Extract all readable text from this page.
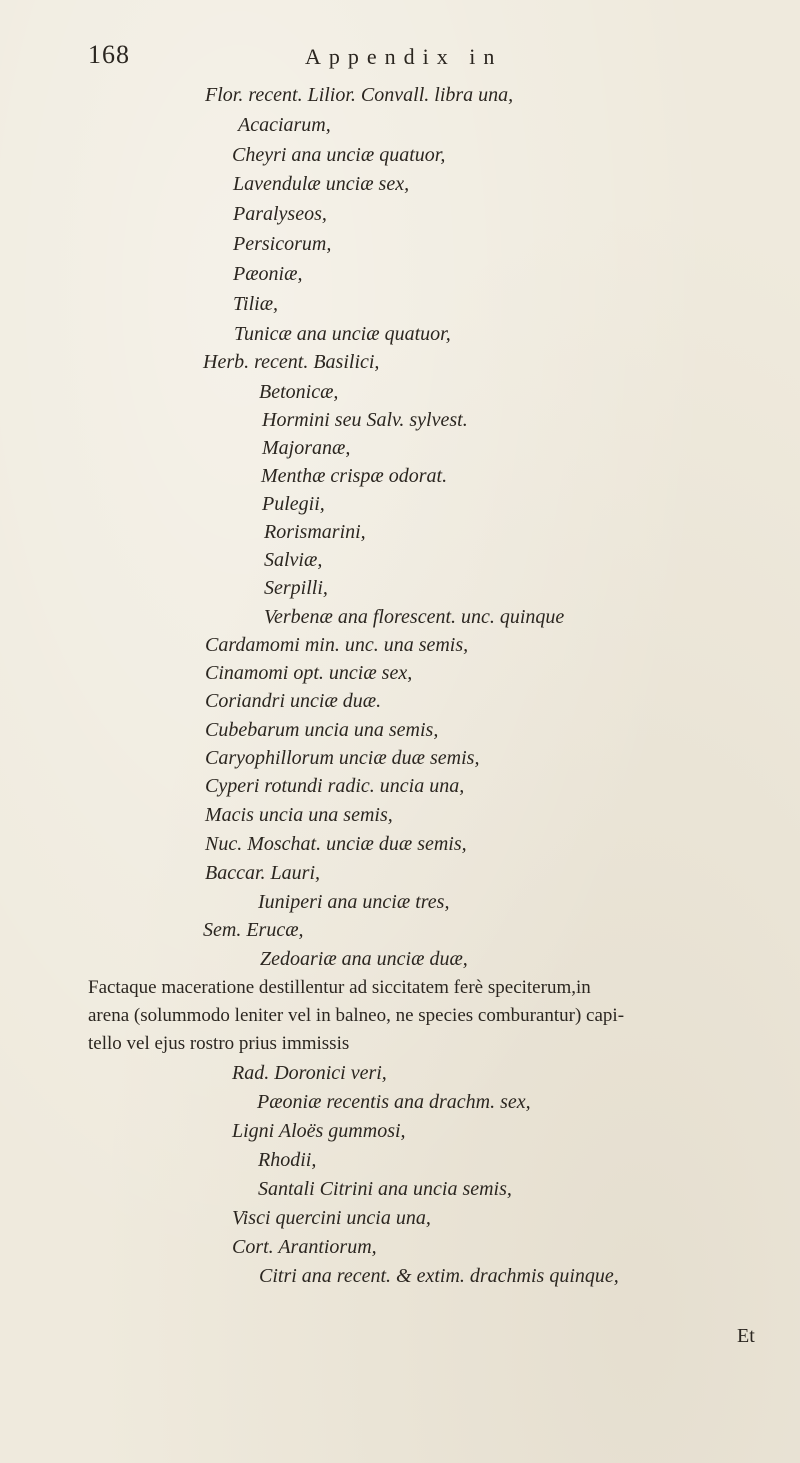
168	Appendix in
Flor. recent. Lilior. Convall. libra una,
Acaciarum,
Cheyri ana unciæ quatuor,
Lavendulæ unciæ sex,
Paralyseos,
Persicorum,
Pæoniæ,
Tiliæ,
Tunicæ ana unciæ quatuor,
Herb. recent. Basilici,
Betonicæ,
Hormini seu Salv. sylvest.
Majoranæ,
Menthæ crispæ odorat.
Pulegii,
Rorismarini,
Salviæ,
Serpilli,
Verbenæ ana florescent. unc. quinque
Cardamomi min. unc. una semis,
Cinamomi opt. unciæ sex,
Coriandri unciæ duæ.
Cubebarum uncia una semis,
Caryophillorum unciæ duæ semis,
Cyperi rotundi radic. uncia una,
Macis uncia una semis,
Nuc. Moschat. unciæ duæ semis,
Baccar. Lauri,
Iuniperi ana unciæ tres,
Sem. Erucæ,
Zedoariæ ana unciæ duæ,
Factaque maceratione destillentur ad siccitatem ferè speciterum,in
arena (solummodo leniter vel in balneo, ne species comburantur) capi-
tello vel ejus rostro prius immissis
Rad. Doronici veri,
Pæoniæ recentis ana drachm. sex,
Ligni Aloës gummosi,
Rhodii,
Santali Citrini ana uncia semis,
Visci quercini uncia una,
Cort. Arantiorum,
Citri ana recent. & extim. drachmis quinque,
Et
